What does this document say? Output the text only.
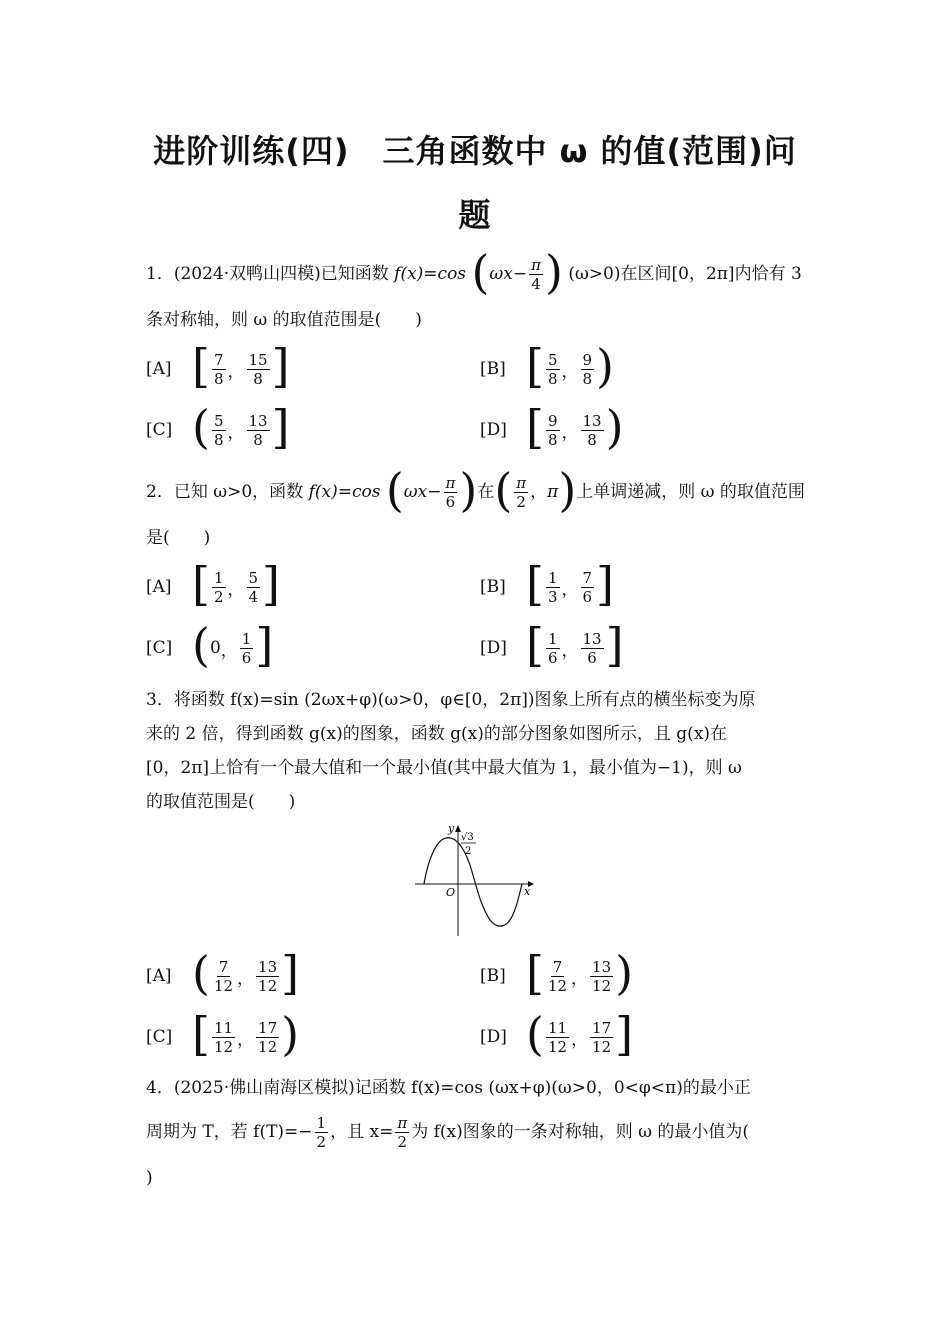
进阶训练(四)　三角函数中 ω 的值(范围)问
题
1．(2024·双鸭山四模)已知函数 f(x)=cos ($\omega x- \frac{\pi}{4}$ ) (ω>0)在区间[0，2π]内恰有 3
条对称轴，则 ω 的取值范围是(　　)
[A] [ $\frac{7}{8}$ ， $\frac{15}{8}$ ]	[B] [ $\frac{5}{8}$ ， $\frac{9}{8}$ )
[C] ( $\frac{5}{8}$ ， $\frac{13}{8}$ ]	[D] [ $\frac{9}{8}$ ， $\frac{13}{8}$ )
2．已知 ω>0，函数 f(x)=cos ($\omega x- \frac{\pi}{6}$ )在( $\frac{\pi}{2}$ ，π)上单调递减，则 ω 的取值范围
是(　　)
[A] [ $\frac{1}{2}$ ， $\frac{5}{4}$ ]	[B] [ $\frac{1}{3}$ ， $\frac{7}{6}$ ]
[C] ( 0 ， $\frac{1}{6}$ ]	[D] [ $\frac{1}{6}$ ， $\frac{13}{6}$ ]
3．将函数 f(x)=sin (2ωx+φ)(ω>0，φ∈[0，2π])图象上所有点的横坐标变为原
来的 2 倍，得到函数 g(x)的图象，函数 g(x)的部分图象如图所示，且 g(x)在
[0，2π]上恰有一个最大值和一个最小值(其中最大值为 1，最小值为−1)，则 ω
的取值范围是(　　)
y
x
O
√3
2
[A] ( $\frac{7}{12}$ ， $\frac{13}{12}$ ]	[B] [ $\frac{7}{12}$ ， $\frac{13}{12}$ )
[C] [ $\frac{11}{12}$ ， $\frac{17}{12}$ )	[D] ( $\frac{11}{12}$ ， $\frac{17}{12}$ ]
4．(2025·佛山南海区模拟)记函数 f(x)=cos (ωx+φ)(ω>0，0<φ<π)的最小正
周期为 T，若 $f(T)=- \frac{1}{2}$ ，且 $x= \frac{\pi}{2}$ 为 f(x)图象的一条对称轴，则 ω 的最小值为(
)
